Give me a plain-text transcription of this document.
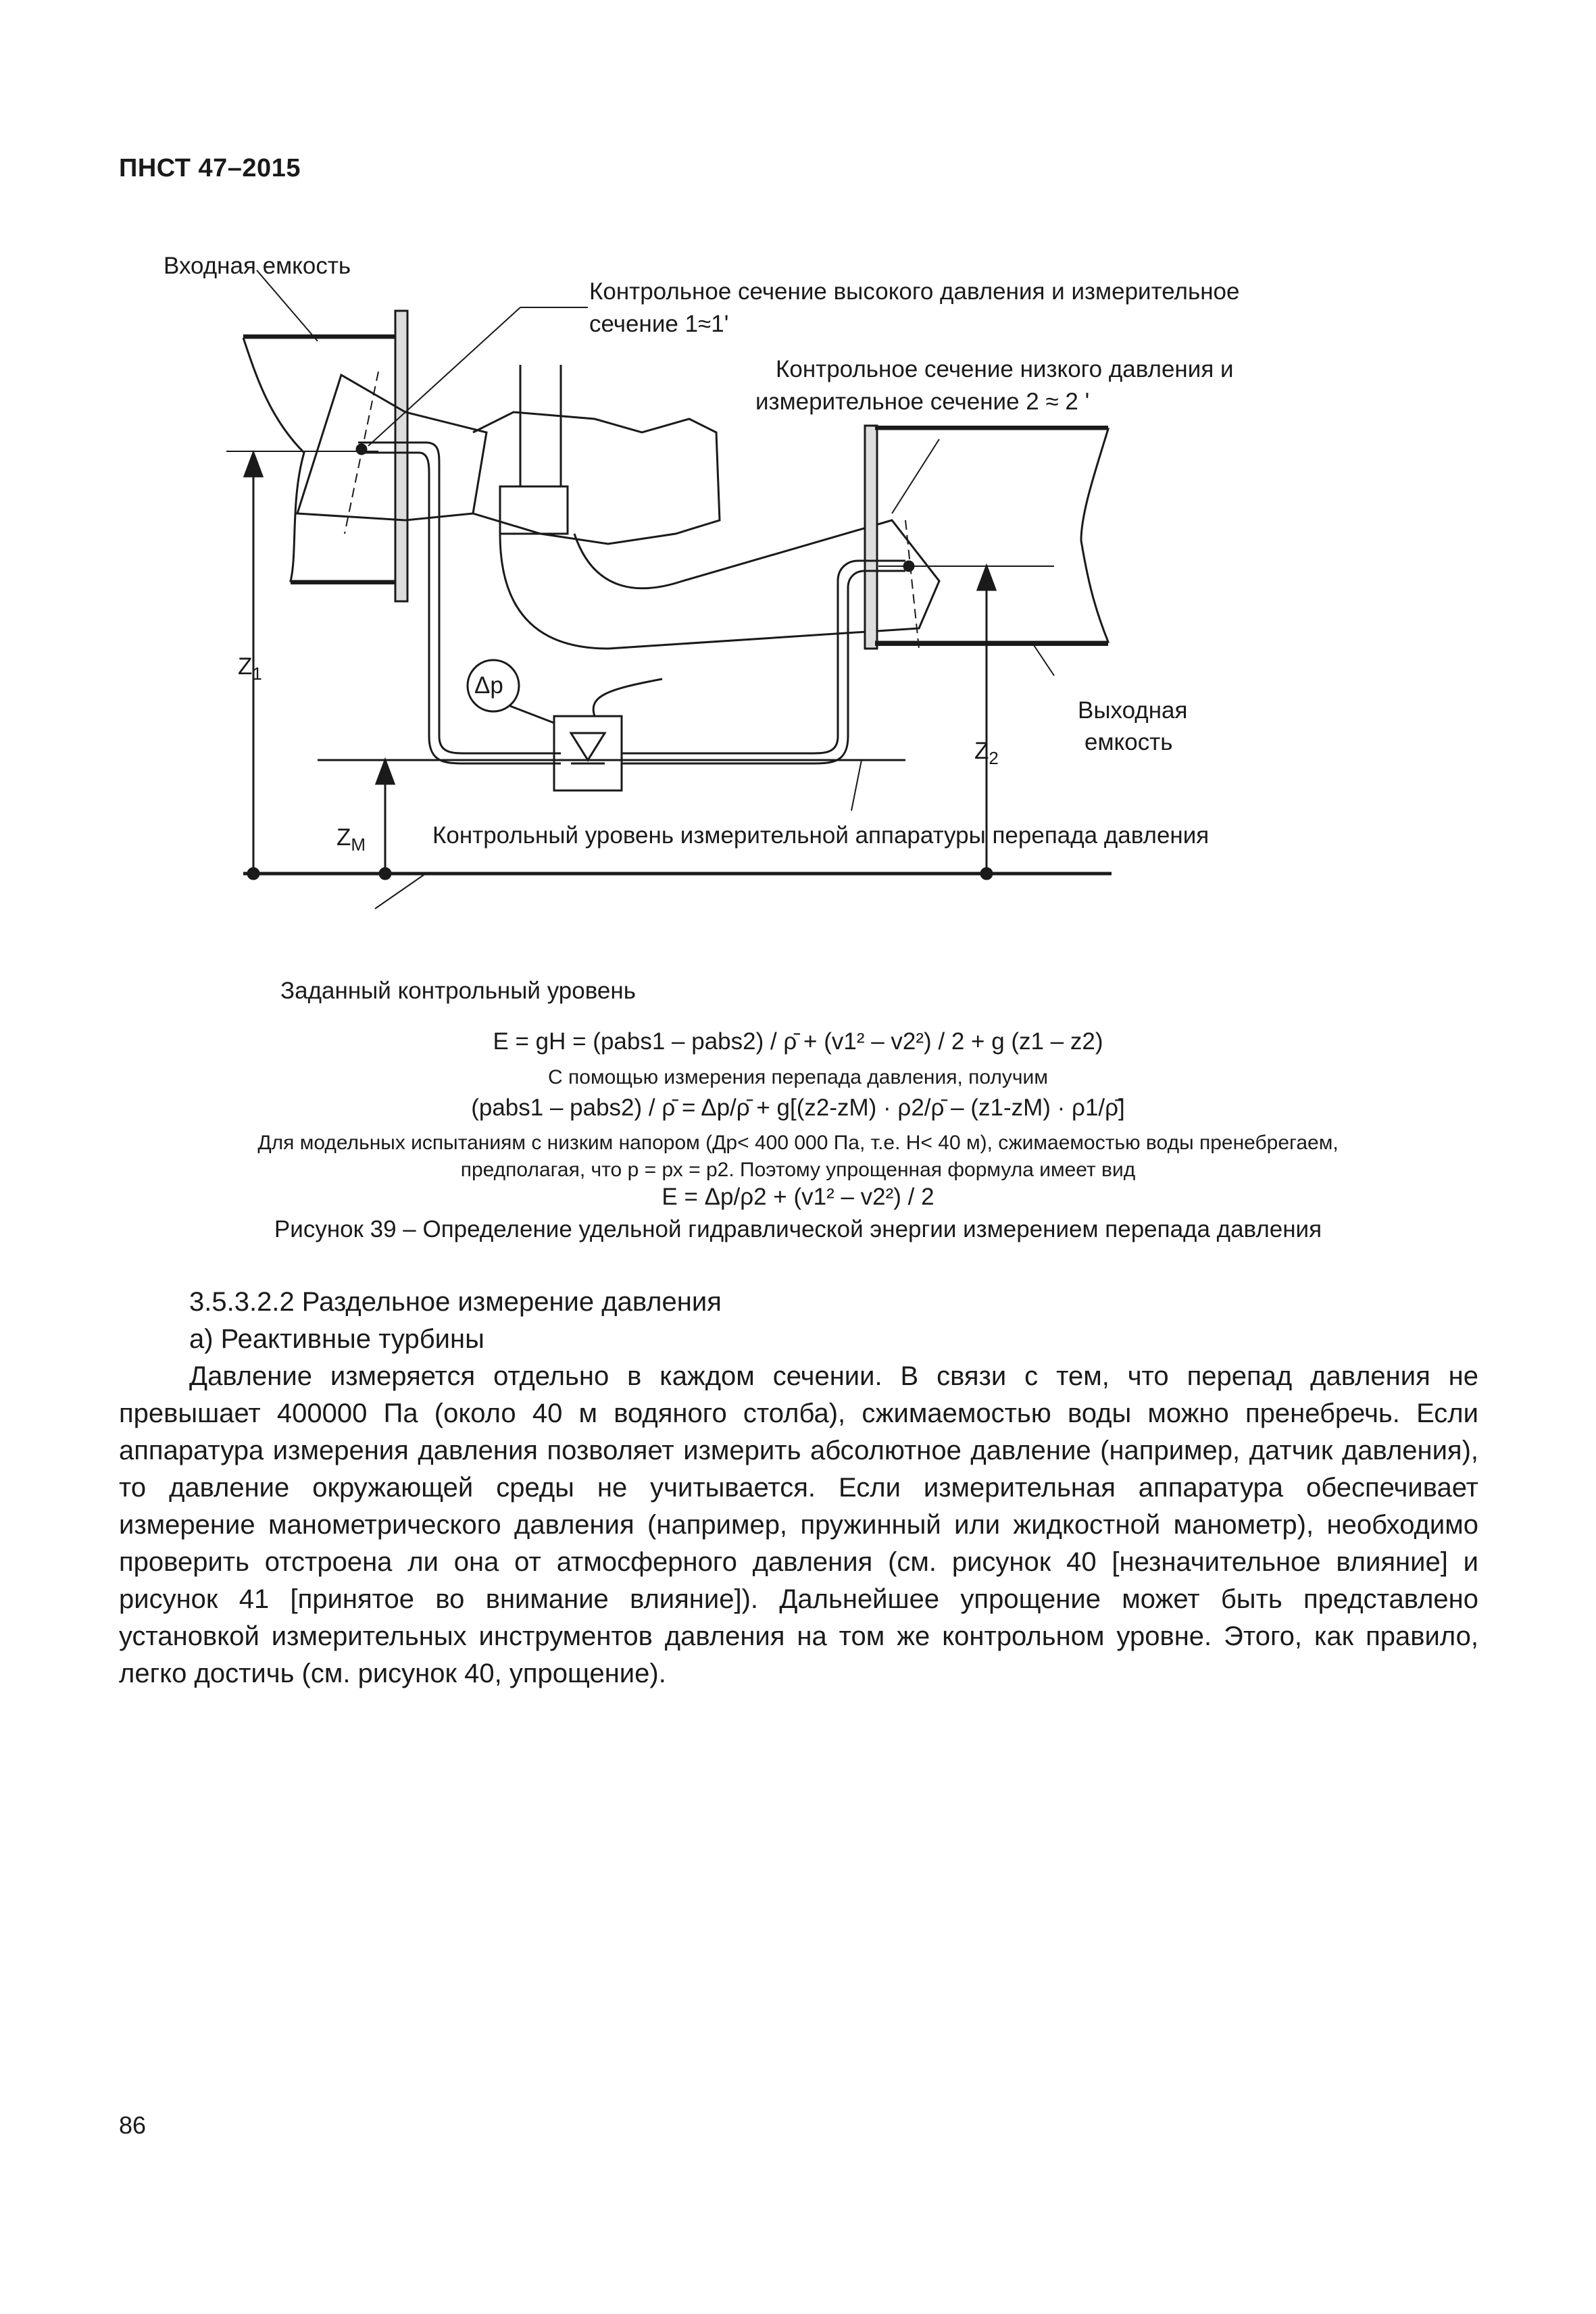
ПНСТ 47–2015
Входная емкость
Контрольное сечение высокого давления и измерительное
сечение 1≈1'
Контрольное сечение низкого давления и
измерительное сечение 2 ≈ 2 '
$Z_1$	Δp
Выходная
емкость
$Z_2$
$Z_M$	Контрольный уровень измерительной аппаратуры перепада давления
Заданный контрольный уровень
E = gH = (pabs1 – pabs2) / ρ̄ + (v1² – v2²) / 2 + g (z1 – z2)
С помощью измерения перепада давления, получим
(pabs1 – pabs2) / ρ̄ = Δp/ρ̄ + g[(z2-zM) · ρ2/ρ̄ – (z1-zM) · ρ1/ρ̄]
Для модельных испытаниям с низким напором (Др< 400 000 Па, т.е. Н< 40 м), сжимаемостью воды пренебрегаем,
предполагая, что р = рх = р2. Поэтому упрощенная формула имеет вид
E = Δp/ρ2 + (v1² – v2²) / 2
Рисунок 39 – Определение удельной гидравлической энергии измерением перепада давления

3.5.3.2.2 Раздельное измерение давления

а) Реактивные турбины

Давление измеряется отдельно в каждом сечении. В связи с тем, что перепад давления не превышает 400000 Па (около 40 м водяного столба), сжимаемостью воды можно пренебречь. Если аппаратура измерения давления позволяет измерить абсолютное давление (например, датчик давления), то давление окружающей среды не учитывается. Если измерительная аппаратура обеспечивает измерение манометрического давления (например, пружинный или жидкостной манометр), необходимо проверить отстроена ли она от атмосферного давления (см. рисунок 40 [незначительное влияние] и рисунок 41 [принятое во внимание влияние]). Дальнейшее упрощение может быть представлено установкой измерительных инструментов давления на том же контрольном уровне. Этого, как правило, легко достичь (см. рисунок 40, упрощение).

86
